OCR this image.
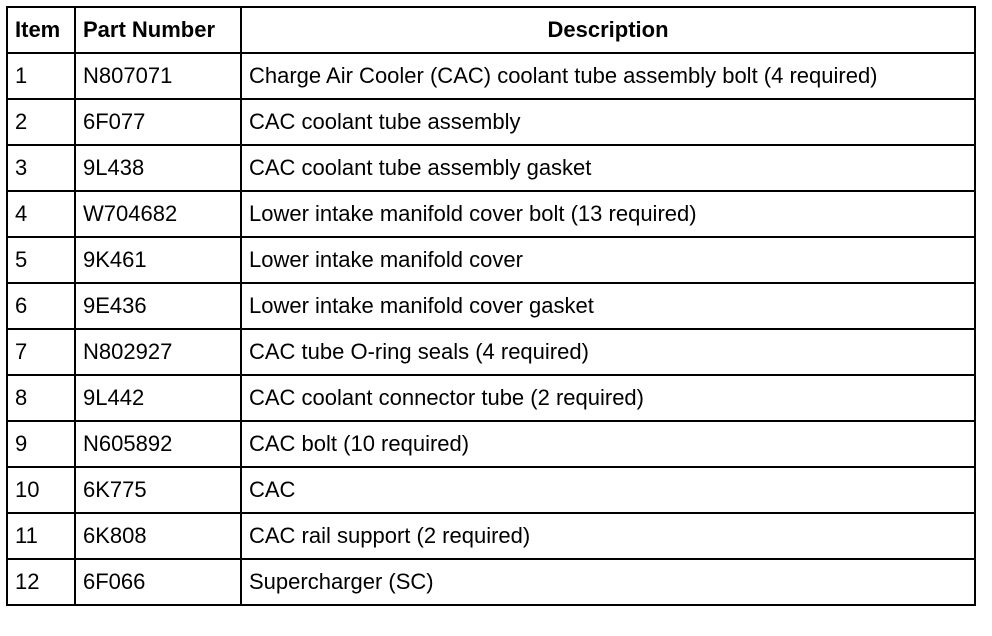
Item	Part Number	Description
1	N807071	Charge Air Cooler (CAC) coolant tube assembly bolt (4 required)
2	6F077	CAC coolant tube assembly
3	9L438	CAC coolant tube assembly gasket
4	W704682	Lower intake manifold cover bolt (13 required)
5	9K461	Lower intake manifold cover
6	9E436	Lower intake manifold cover gasket
7	N802927	CAC tube O-ring seals (4 required)
8	9L442	CAC coolant connector tube (2 required)
9	N605892	CAC bolt (10 required)
10	6K775	CAC
11	6K808	CAC rail support (2 required)
12	6F066	Supercharger (SC)
